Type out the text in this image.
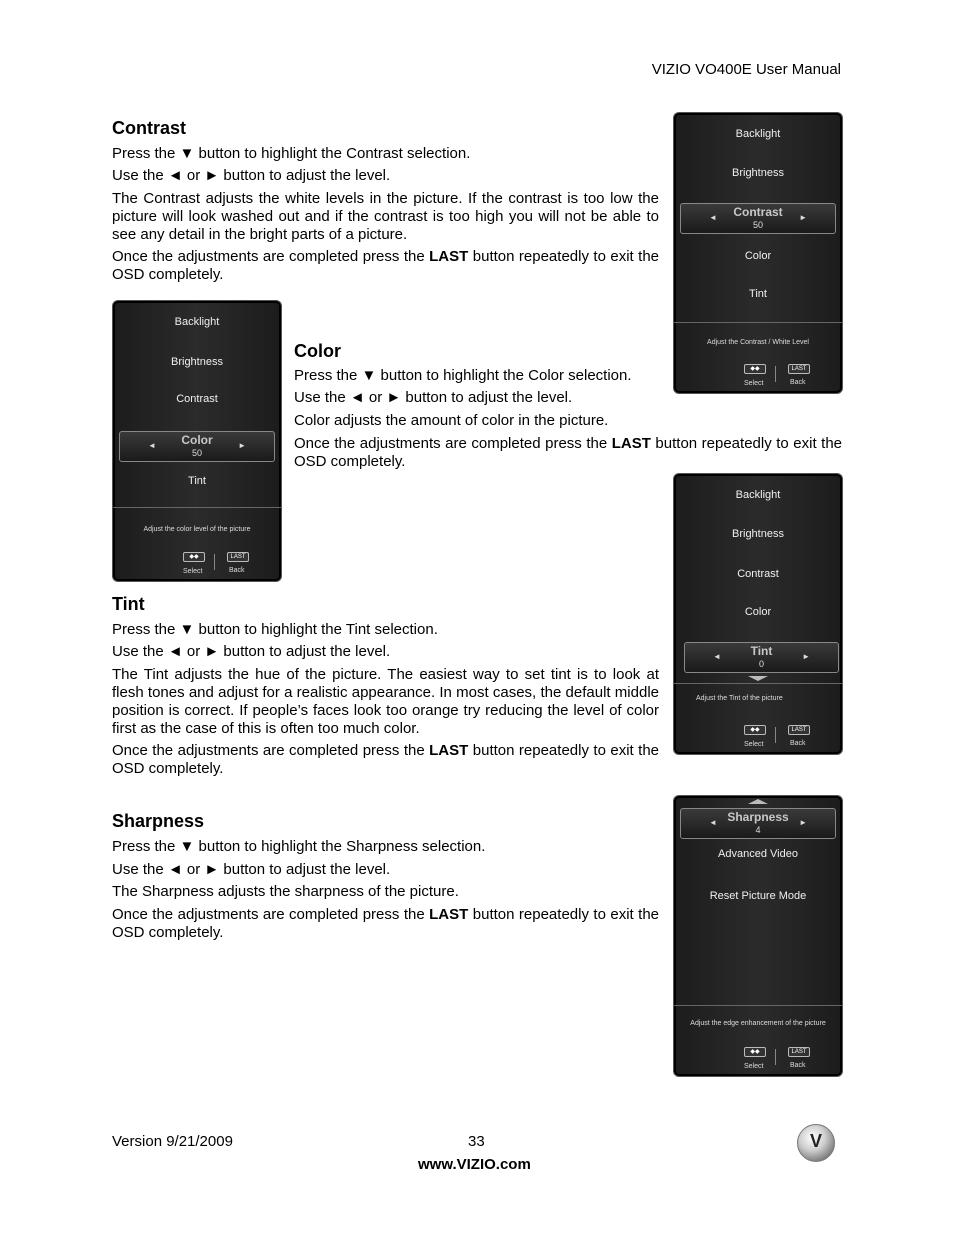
VIZIO VO400E User Manual
Contrast

Press the ▼ button to highlight the Contrast selection.

Use the ◄ or ► button to adjust the level.

The Contrast adjusts the white levels in the picture. If the contrast is too low the picture will look washed out and if the contrast is too high you will not be able to see any detail in the bright parts of a picture.

Once the adjustments are completed press the LAST button repeatedly to exit the OSD completely.

Backlight
Brightness
Contrast
50
◄	►
Color
Tint
Adjust the Contrast / White Level
◆◆
Select
LAST
Back
Backlight
Brightness
Contrast
Color
50
◄	►
Tint
Adjust the color level of the picture
◆◆
Select
LAST
Back
Color

Press the ▼ button to highlight the Color selection.

Use the ◄ or ► button to adjust the level.

Color adjusts the amount of color in the picture.

Once the adjustments are completed press the LAST button repeatedly to exit the OSD completely.

Backlight
Brightness
Contrast
Color
Tint
0
◄	►
Adjust the Tint of the picture
◆◆
Select
LAST
Back
Tint

Press the ▼ button to highlight the Tint selection.

Use the ◄ or ► button to adjust the level.

The Tint adjusts the hue of the picture. The easiest way to set tint is to look at flesh tones and adjust for a realistic appearance. In most cases, the default middle position is correct. If people’s faces look too orange try reducing the level of color first as the case of this is often too much color.

Once the adjustments are completed press the LAST button repeatedly to exit the OSD completely.

Sharpness

Press the ▼ button to highlight the Sharpness selection.

Use the ◄ or ► button to adjust the level.

The Sharpness adjusts the sharpness of the picture.

Once the adjustments are completed press the LAST button repeatedly to exit the OSD completely.

Sharpness
4
◄	►
Advanced Video
Reset Picture Mode
Adjust the edge enhancement of the picture
◆◆
Select
LAST
Back
Version 9/21/2009	33
www.VIZIO.com
V
